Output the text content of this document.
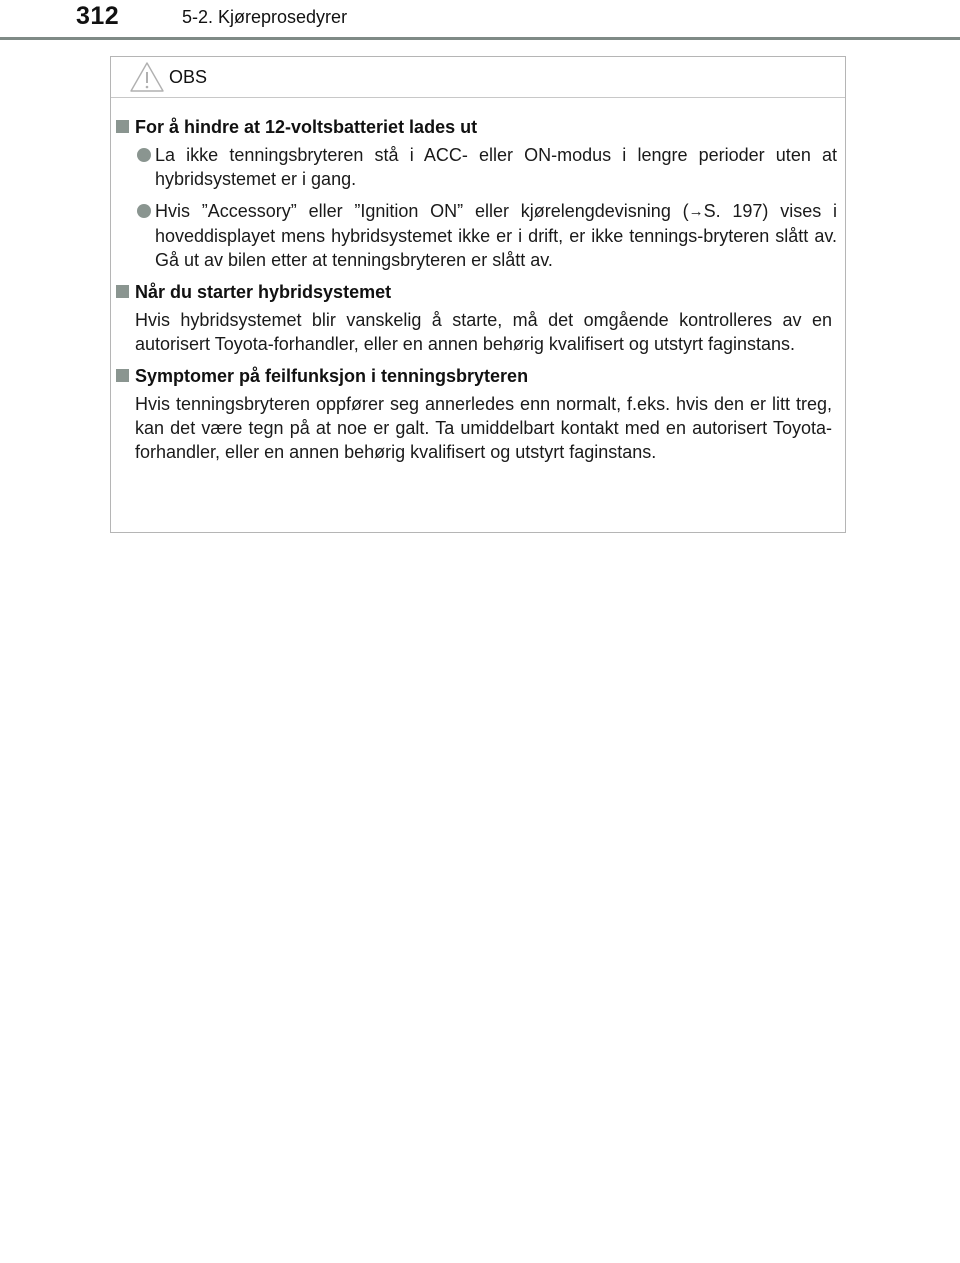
312	5-2. Kjøreprosedyrer
OBS
For å hindre at 12-voltsbatteriet lades ut
La ikke tenningsbryteren stå i ACC- eller ON-modus i lengre perioder uten at hybridsystemet er i gang.
Hvis ”Accessory” eller ”Ignition ON” eller kjørelengdevisning (→S. 197) vises i hoveddisplayet mens hybridsystemet ikke er i drift, er ikke tennings-bryteren slått av. Gå ut av bilen etter at tenningsbryteren er slått av.
Når du starter hybridsystemet
Hvis hybridsystemet blir vanskelig å starte, må det omgående kontrolleres av en autorisert Toyota-forhandler, eller en annen behørig kvalifisert og utstyrt faginstans.
Symptomer på feilfunksjon i tenningsbryteren
Hvis tenningsbryteren oppfører seg annerledes enn normalt, f.eks. hvis den er litt treg, kan det være tegn på at noe er galt. Ta umiddelbart kontakt med en autorisert Toyota-forhandler, eller en annen behørig kvalifisert og utstyrt faginstans.
